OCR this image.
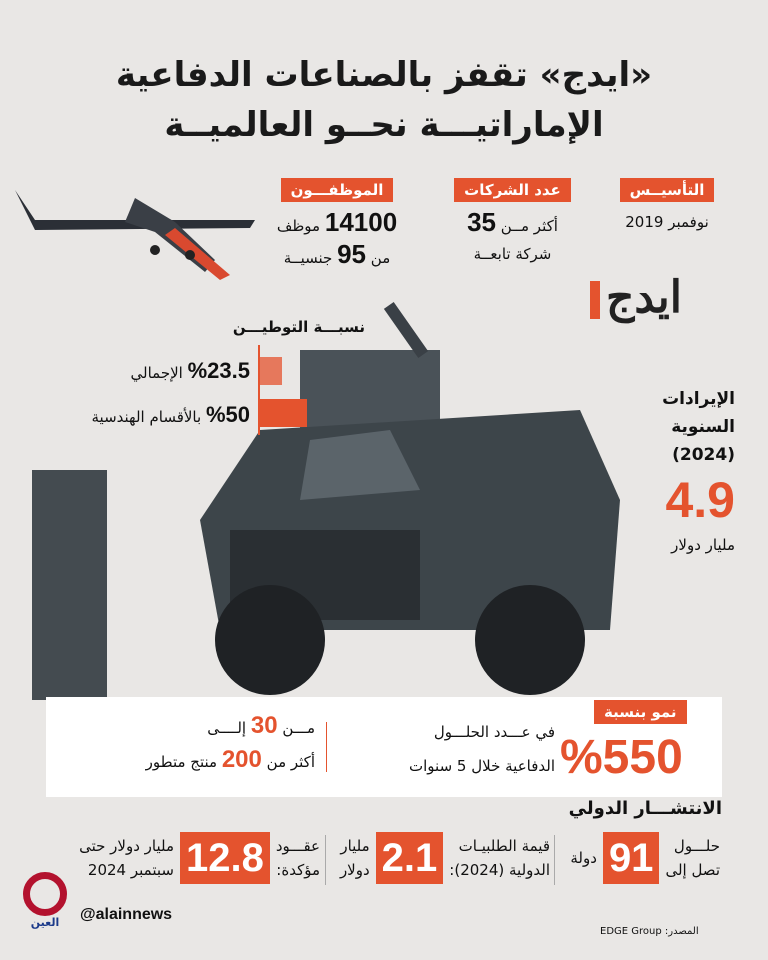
«ايدج» تقفز بالصناعات الدفاعية
الإماراتيـــة نحــو العالميــة
التأسيــس
نوفمبر 2019
عدد الشركات
أكثر مــن 35
شركة تابعــة
الموظفـــون
14100 موظف
من 95 جنسيــة
ايدج
نسبـــة التوطيـــن
%23.5 الإجمالي
%50 بالأقسام الهندسية
الإيرادات
السنوية
(2024)
4.9
مليار دولار
نمو بنسبة
%550
في عـــدد الحلـــول
الدفاعية خلال 5 سنوات
مـــن 30 إلــــى
أكثر من 200 منتج متطور
الانتشـــار الدولي
حلـــول
تصل إلى
91
دولة
قيمة الطلبيـات
الدولية (2024):
2.1
مليار
دولار
عقـــود
مؤكدة:
12.8
مليار دولار حتى
سبتمبر 2024
العين	@alainnews
المصدر: EDGE Group
